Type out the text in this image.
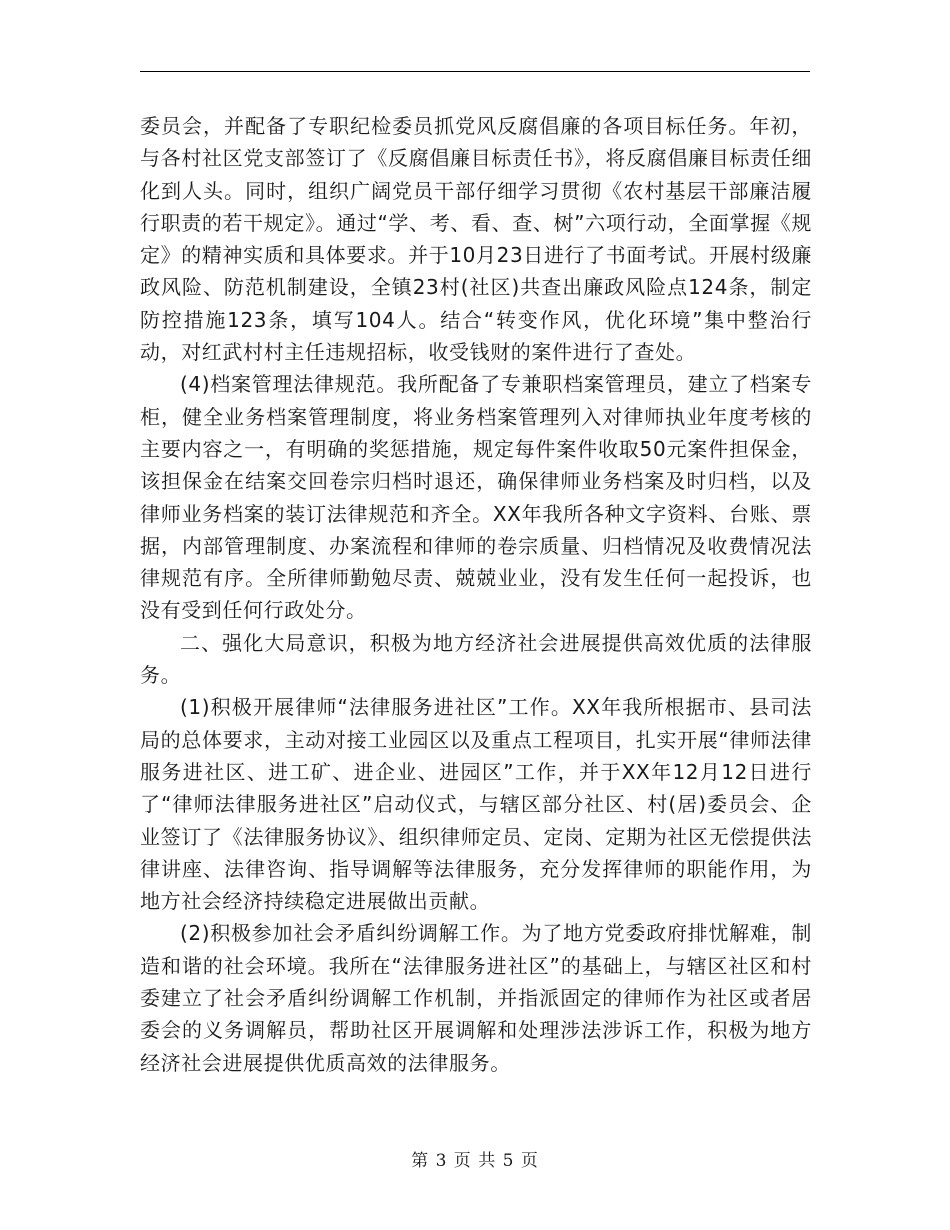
委员会，并配备了专职纪检委员抓党风反腐倡廉的各项目标任务。年初，与各村社区党支部签订了《反腐倡廉目标责任书》，将反腐倡廉目标责任细化到人头。同时，组织广阔党员干部仔细学习贯彻《农村基层干部廉洁履行职责的若干规定》。通过“学、考、看、查、树”六项行动，全面掌握《规定》的精神实质和具体要求。并于10月23日进行了书面考试。开展村级廉政风险、防范机制建设，全镇23村(社区)共查出廉政风险点124条，制定防控措施123条，填写104人。结合“转变作风，优化环境”集中整治行动，对红武村村主任违规招标，收受钱财的案件进行了查处。

(4)档案管理法律规范。我所配备了专兼职档案管理员，建立了档案专柜，健全业务档案管理制度，将业务档案管理列入对律师执业年度考核的主要内容之一，有明确的奖惩措施，规定每件案件收取50元案件担保金，该担保金在结案交回卷宗归档时退还，确保律师业务档案及时归档，以及律师业务档案的装订法律规范和齐全。XX年我所各种文字资料、台账、票据，内部管理制度、办案流程和律师的卷宗质量、归档情况及收费情况法律规范有序。全所律师勤勉尽责、兢兢业业，没有发生任何一起投诉，也没有受到任何行政处分。

二、强化大局意识，积极为地方经济社会进展提供高效优质的法律服务。

(1)积极开展律师“法律服务进社区”工作。XX年我所根据市、县司法局的总体要求，主动对接工业园区以及重点工程项目，扎实开展“律师法律服务进社区、进工矿、进企业、进园区”工作，并于XX年12月12日进行了“律师法律服务进社区”启动仪式，与辖区部分社区、村(居)委员会、企业签订了《法律服务协议》、组织律师定员、定岗、定期为社区无偿提供法律讲座、法律咨询、指导调解等法律服务，充分发挥律师的职能作用，为地方社会经济持续稳定进展做出贡献。

(2)积极参加社会矛盾纠纷调解工作。为了地方党委政府排忧解难，制造和谐的社会环境。我所在“法律服务进社区”的基础上，与辖区社区和村委建立了社会矛盾纠纷调解工作机制，并指派固定的律师作为社区或者居委会的义务调解员，帮助社区开展调解和处理涉法涉诉工作，积极为地方经济社会进展提供优质高效的法律服务。

第 3 页 共 5 页
